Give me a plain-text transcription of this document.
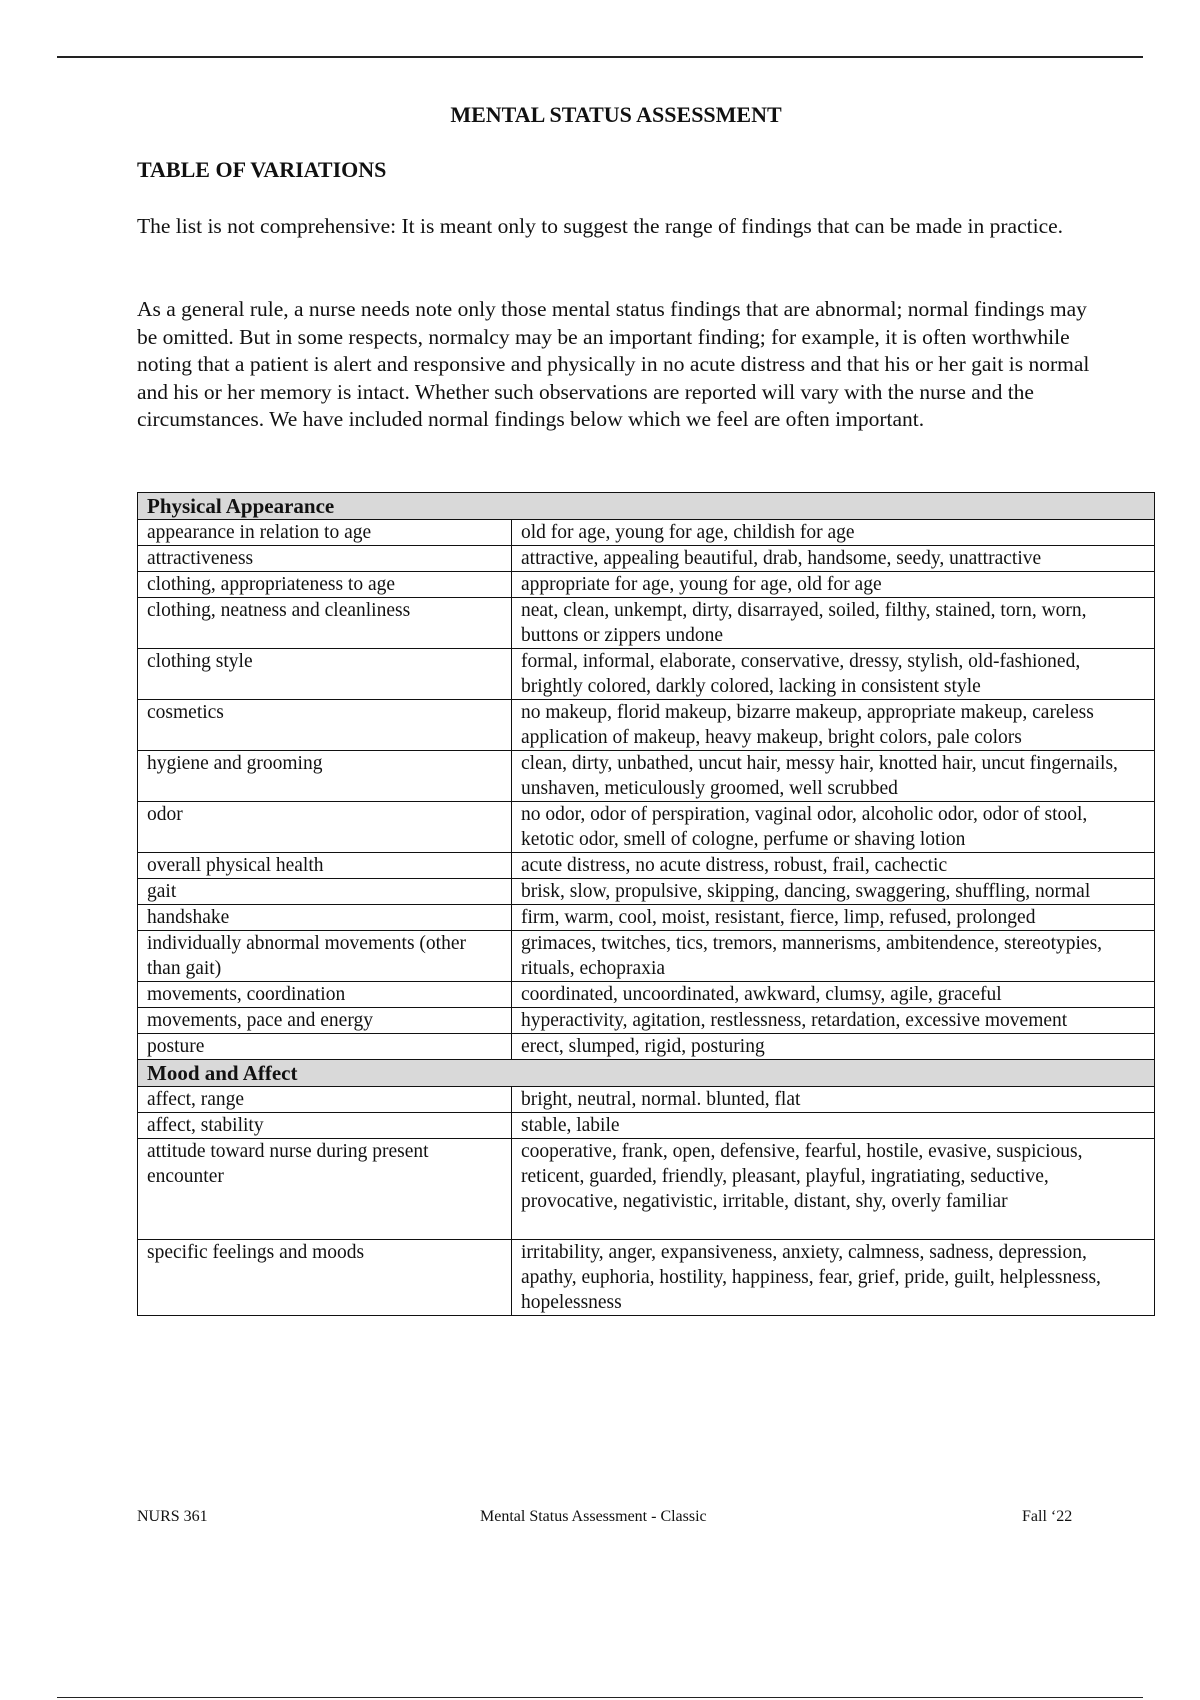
MENTAL STATUS ASSESSMENT
TABLE OF VARIATIONS
The list is not comprehensive: It is meant only to suggest the range of findings that can be made in practice.
As a general rule, a nurse needs note only those mental status findings that are abnormal; normal findings may be omitted. But in some respects, normalcy may be an important finding; for example, it is often worthwhile noting that a patient is alert and responsive and physically in no acute distress and that his or her gait is normal and his or her memory is intact. Whether such observations are reported will vary with the nurse and the circumstances. We have included normal findings below which we feel are often important.
Physical Appearance	
appearance in relation to age	old for age, young for age, childish for age
attractiveness	attractive, appealing beautiful, drab, handsome, seedy, unattractive
clothing, appropriateness to age	appropriate for age, young for age, old for age
clothing, neatness and cleanliness	neat, clean, unkempt, dirty, disarrayed, soiled, filthy, stained, torn, worn, buttons or zippers undone
clothing style	formal, informal, elaborate, conservative, dressy, stylish, old-fashioned, brightly colored, darkly colored, lacking in consistent style
cosmetics	no makeup, florid makeup, bizarre makeup, appropriate makeup, careless application of makeup, heavy makeup, bright colors, pale colors
hygiene and grooming	clean, dirty, unbathed, uncut hair, messy hair, knotted hair, uncut fingernails, unshaven, meticulously groomed, well scrubbed
odor	no odor, odor of perspiration, vaginal odor, alcoholic odor, odor of stool, ketotic odor, smell of cologne, perfume or shaving lotion
overall physical health	acute distress, no acute distress, robust, frail, cachectic
gait	brisk, slow, propulsive, skipping, dancing, swaggering, shuffling, normal
handshake	firm, warm, cool, moist, resistant, fierce, limp, refused, prolonged
individually abnormal movements (other than gait)	grimaces, twitches, tics, tremors, mannerisms, ambitendence, stereotypies, rituals, echopraxia
movements, coordination	coordinated, uncoordinated, awkward, clumsy, agile, graceful
movements, pace and energy	hyperactivity, agitation, restlessness, retardation, excessive movement
posture	erect, slumped, rigid, posturing
Mood and Affect	
affect, range	bright, neutral, normal. blunted, flat
affect, stability	stable, labile
attitude toward nurse during present encounter	cooperative, frank, open, defensive, fearful, hostile, evasive, suspicious, reticent, guarded, friendly, pleasant, playful, ingratiating, seductive, provocative, negativistic, irritable, distant, shy, overly familiar
specific feelings and moods	irritability, anger, expansiveness, anxiety, calmness, sadness, depression, apathy, euphoria, hostility, happiness, fear, grief, pride, guilt, helplessness, hopelessness
NURS 361	Mental Status Assessment - Classic	Fall ‘22
